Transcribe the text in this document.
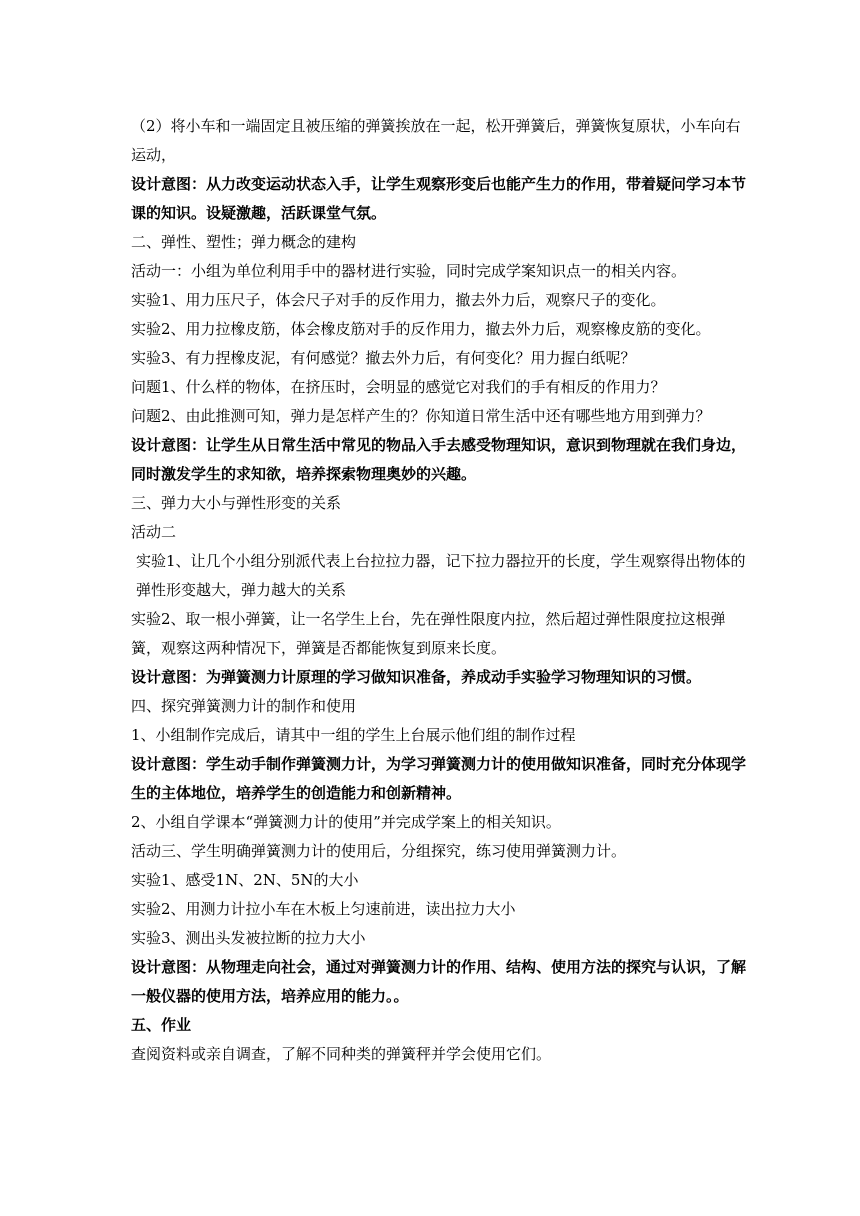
（2）将小车和一端固定且被压缩的弹簧挨放在一起，松开弹簧后，弹簧恢复原状，小车向右运动，

设计意图：从力改变运动状态入手，让学生观察形变后也能产生力的作用，带着疑问学习本节课的知识。设疑激趣，活跃课堂气氛。

二、弹性、塑性；弹力概念的建构

活动一：小组为单位利用手中的器材进行实验，同时完成学案知识点一的相关内容。

实验1、用力压尺子，体会尺子对手的反作用力，撤去外力后，观察尺子的变化。

实验2、用力拉橡皮筋，体会橡皮筋对手的反作用力，撤去外力后，观察橡皮筋的变化。

实验3、有力捏橡皮泥，有何感觉？撤去外力后，有何变化？用力握白纸呢？

问题1、什么样的物体，在挤压时，会明显的感觉它对我们的手有相反的作用力？

问题2、由此推测可知，弹力是怎样产生的？你知道日常生活中还有哪些地方用到弹力？

设计意图：让学生从日常生活中常见的物品入手去感受物理知识，意识到物理就在我们身边，同时激发学生的求知欲，培养探索物理奥妙的兴趣。

三、弹力大小与弹性形变的关系

活动二

实验1、让几个小组分别派代表上台拉拉力器，记下拉力器拉开的长度，学生观察得出物体的弹性形变越大，弹力越大的关系

实验2、取一根小弹簧，让一名学生上台，先在弹性限度内拉，然后超过弹性限度拉这根弹簧，观察这两种情况下，弹簧是否都能恢复到原来长度。

设计意图：为弹簧测力计原理的学习做知识准备，养成动手实验学习物理知识的习惯。

四、探究弹簧测力计的制作和使用

1、小组制作完成后，请其中一组的学生上台展示他们组的制作过程

设计意图：学生动手制作弹簧测力计，为学习弹簧测力计的使用做知识准备，同时充分体现学生的主体地位，培养学生的创造能力和创新精神。

2、小组自学课本“弹簧测力计的使用”并完成学案上的相关知识。

活动三、学生明确弹簧测力计的使用后，分组探究，练习使用弹簧测力计。

实验1、感受1N、2N、5N的大小

实验2、用测力计拉小车在木板上匀速前进，读出拉力大小

实验3、测出头发被拉断的拉力大小

设计意图：从物理走向社会，通过对弹簧测力计的作用、结构、使用方法的探究与认识，了解一般仪器的使用方法，培养应用的能力。。

五、作业

查阅资料或亲自调查，了解不同种类的弹簧秤并学会使用它们。
